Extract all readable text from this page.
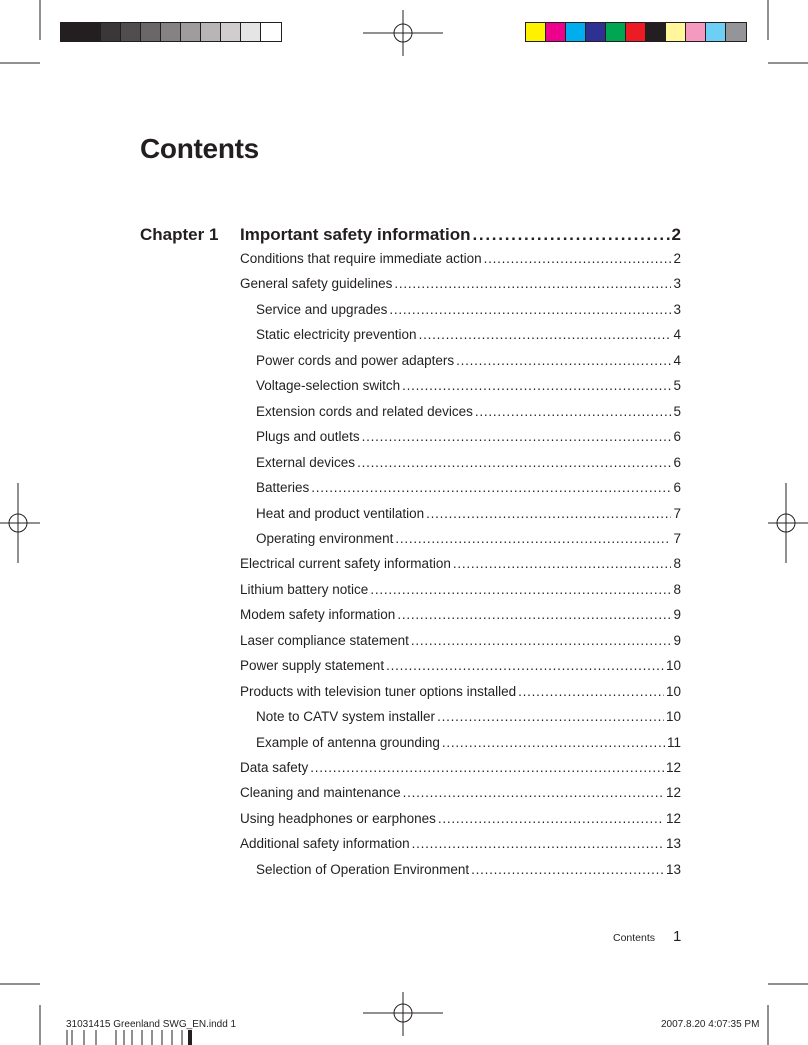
Contents
Chapter 1 Important safety information . . .	2
Conditions that require immediate action . . .	2
General safety guidelines . . .	3
Service and upgrades . . .	3
Static electricity prevention . . .	4
Power cords and power adapters . . .	4
Voltage-selection switch . . .	5
Extension cords and related devices . . .	5
Plugs and outlets . . .	6
External devices . . .	6
Batteries . . .	6
Heat and product ventilation . . .	7
Operating environment . . .	7
Electrical current safety information . . .	8
Lithium battery notice . . .	8
Modem safety information . . .	9
Laser compliance statement . . .	9
Power supply statement . . .	10
Products with television tuner options installed . . .	10
Note to CATV system installer . . .	10
Example of antenna grounding . . .	11
Data safety . . .	12
Cleaning and maintenance . . .	12
Using headphones or earphones . . .	12
Additional safety information . . .	13
Selection of Operation Environment . . .	13
Contents 1
31031415 Greenland SWG_EN.indd 1	2007.8.20 4:07:35 PM
